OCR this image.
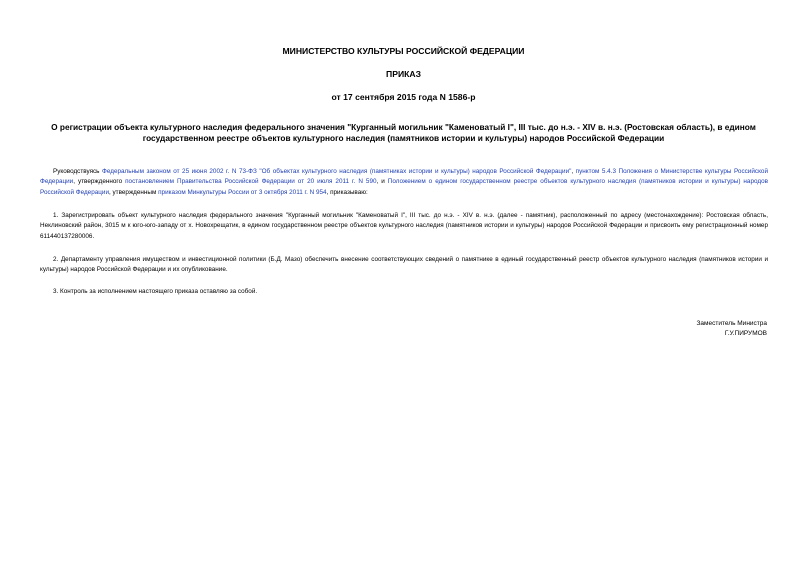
МИНИСТЕРСТВО КУЛЬТУРЫ РОССИЙСКОЙ ФЕДЕРАЦИИ
ПРИКАЗ
от 17 сентября 2015 года N 1586-р
О регистрации объекта культурного наследия федерального значения "Курганный могильник "Каменоватый I", III тыс. до н.э. - XIV в. н.э. (Ростовская область), в едином государственном реестре объектов культурного наследия (памятников истории и культуры) народов Российской Федерации
Руководствуясь Федеральным законом от 25 июня 2002 г. N 73-ФЗ "Об объектах культурного наследия (памятниках истории и культуры) народов Российской Федерации", пунктом 5.4.3 Положения о Министерстве культуры Российской Федерации, утвержденного постановлением Правительства Российской Федерации от 20 июля 2011 г. N 590, и Положением о едином государственном реестре объектов культурного наследия (памятников истории и культуры) народов Российской Федерации, утвержденным приказом Минкультуры России от 3 октября 2011 г. N 954, приказываю:
1. Зарегистрировать объект культурного наследия федерального значения "Курганный могильник "Каменоватый I", III тыс. до н.э. - XIV в. н.э. (далее - памятник), расположенный по адресу (местонахождение): Ростовская область, Неклиновский район, 3015 м к юго-юго-западу от х. Новохрещатик, в едином государственном реестре объектов культурного наследия (памятников истории и культуры) народов Российской Федерации и присвоить ему регистрационный номер 611440137280006.
2. Департаменту управления имуществом и инвестиционной политики (Б.Д. Мазо) обеспечить внесение соответствующих сведений о памятнике в единый государственный реестр объектов культурного наследия (памятников истории и культуры) народов Российской Федерации и их опубликование.
3. Контроль за исполнением настоящего приказа оставляю за собой.
Заместитель Министра
Г.У.ПИРУМОВ
